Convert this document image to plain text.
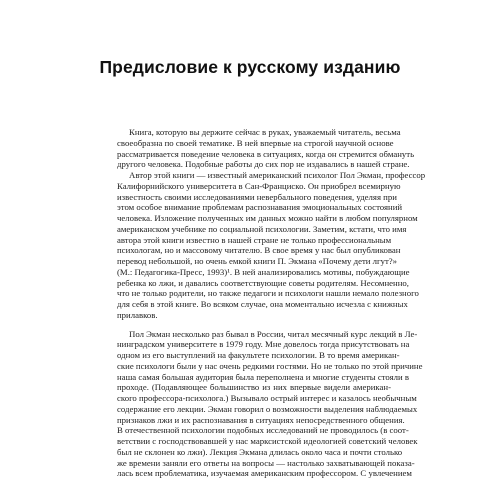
Предисловие к русскому изданию
Книга, которую вы держите сейчас в руках, уважаемый читатель, весьма
своеобразна по своей тематике. В ней впервые на строгой научной основе
рассматривается поведение человека в ситуациях, когда он стремится обмануть
другого человека. Подобные работы до сих пор не издавались в нашей стране.
Автор этой книги — известный американский психолог Пол Экман, профессор
Калифорнийского университета в Сан-Франциско. Он приобрел всемирную
известность своими исследованиями невербального поведения, уделяя при
этом особое внимание проблемам распознавания эмоциональных состояний
человека. Изложение полученных им данных можно найти в любом популярном
американском учебнике по социальной психологии. Заметим, кстати, что имя
автора этой книги известно в нашей стране не только профессиональным
психологам, но и массовому читателю. В свое время у нас был опубликован
перевод небольшой, но очень емкой книги П. Экмана «Почему дети лгут?»
(М.: Педагогика-Пресс, 1993)¹. В ней анализировались мотивы, побуждающие
ребенка ко лжи, и давались соответствующие советы родителям. Несомненно,
что не только родители, но также педагоги и психологи нашли немало полезного
для себя в этой книге. Во всяком случае, она моментально исчезла с книжных
прилавков.
Пол Экман несколько раз бывал в России, читал месячный курс лекций в Ле-
нинградском университете в 1979 году. Мне довелось тогда присутствовать на
одном из его выступлений на факультете психологии. В то время американ-
ские психологи были у нас очень редкими гостями. Но не только по этой причине
наша самая большая аудитория была переполнена и многие студенты стояли в
проходе. (Подавляющее большинство из них впервые видели американ-
ского профессора-психолога.) Вызывало острый интерес и казалось необычным
содержание его лекции. Экман говорил о возможности выделения наблюдаемых
признаков лжи и их распознавания в ситуациях непосредственного общения.
В отечественной психологии подобных исследований не проводилось (в соот-
ветствии с господствовавшей у нас марксистской идеологией советский человек
был не склонен ко лжи). Лекция Экмана длилась около часа и почти столько
же времени заняли его ответы на вопросы — настолько захватывающей показа-
лась всем проблематика, изучаемая американским профессором. С увлечением
